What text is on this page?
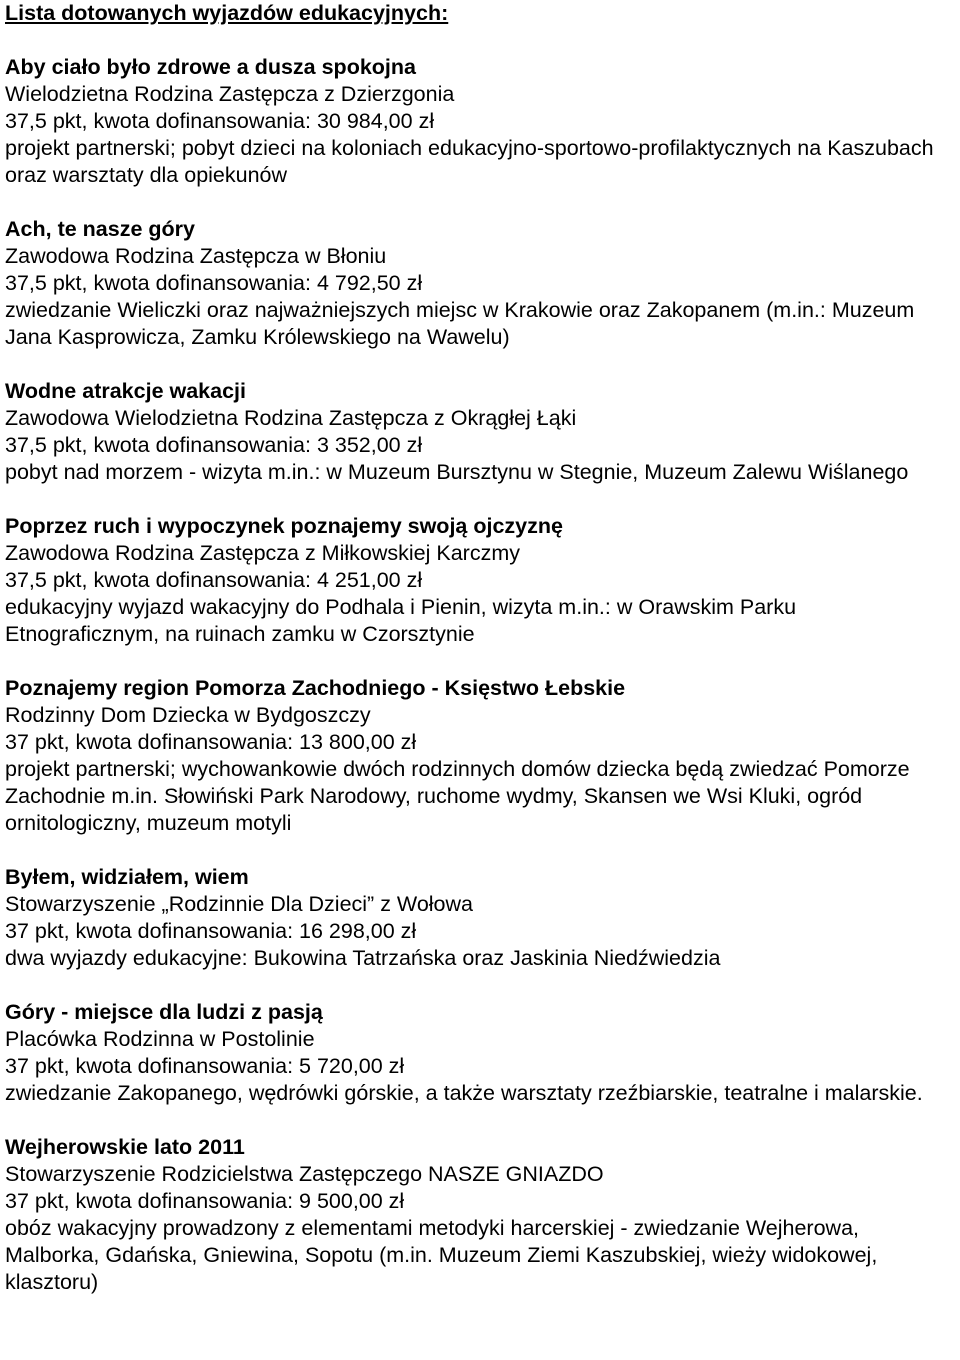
Lista dotowanych wyjazdów edukacyjnych:

Aby ciało było zdrowe a dusza spokojna

Wielodzietna Rodzina Zastępcza z Dzierzgonia

37,5 pkt, kwota dofinansowania: 30 984,00 zł

projekt partnerski; pobyt dzieci na koloniach edukacyjno-sportowo-profilaktycznych na Kaszubach oraz warsztaty dla opiekunów

Ach, te nasze góry

Zawodowa Rodzina Zastępcza w Błoniu

37,5 pkt, kwota dofinansowania: 4 792,50 zł

zwiedzanie Wieliczki oraz najważniejszych miejsc w Krakowie oraz Zakopanem (m.in.: Muzeum Jana Kasprowicza, Zamku Królewskiego na Wawelu)

Wodne atrakcje wakacji

Zawodowa Wielodzietna Rodzina Zastępcza z Okrągłej Łąki

37,5 pkt, kwota dofinansowania: 3 352,00 zł

pobyt nad morzem - wizyta m.in.: w Muzeum Bursztynu w Stegnie, Muzeum Zalewu Wiślanego

Poprzez ruch i wypoczynek poznajemy swoją ojczyznę

Zawodowa Rodzina Zastępcza z Miłkowskiej Karczmy

37,5 pkt, kwota dofinansowania: 4 251,00 zł

edukacyjny wyjazd wakacyjny do Podhala i Pienin, wizyta m.in.: w Orawskim Parku Etnograficznym, na ruinach zamku w Czorsztynie

Poznajemy region Pomorza Zachodniego - Księstwo Łebskie

Rodzinny Dom Dziecka w Bydgoszczy

37 pkt, kwota dofinansowania: 13 800,00 zł

projekt partnerski; wychowankowie dwóch rodzinnych domów dziecka będą zwiedzać Pomorze Zachodnie m.in. Słowiński Park Narodowy, ruchome wydmy, Skansen we Wsi Kluki, ogród ornitologiczny, muzeum motyli

Byłem, widziałem, wiem

Stowarzyszenie „Rodzinnie Dla Dzieci” z Wołowa

37 pkt, kwota dofinansowania: 16 298,00 zł

dwa wyjazdy edukacyjne: Bukowina Tatrzańska oraz Jaskinia Niedźwiedzia

Góry - miejsce dla ludzi z pasją

Placówka Rodzinna w Postolinie

37 pkt, kwota dofinansowania: 5 720,00 zł

zwiedzanie Zakopanego, wędrówki górskie, a także warsztaty rzeźbiarskie, teatralne i malarskie.

Wejherowskie lato 2011

Stowarzyszenie Rodzicielstwa Zastępczego NASZE GNIAZDO

37 pkt, kwota dofinansowania: 9 500,00 zł

obóz wakacyjny prowadzony z elementami metodyki harcerskiej - zwiedzanie Wejherowa, Malborka, Gdańska, Gniewina, Sopotu (m.in. Muzeum Ziemi Kaszubskiej, wieży widokowej, klasztoru)
